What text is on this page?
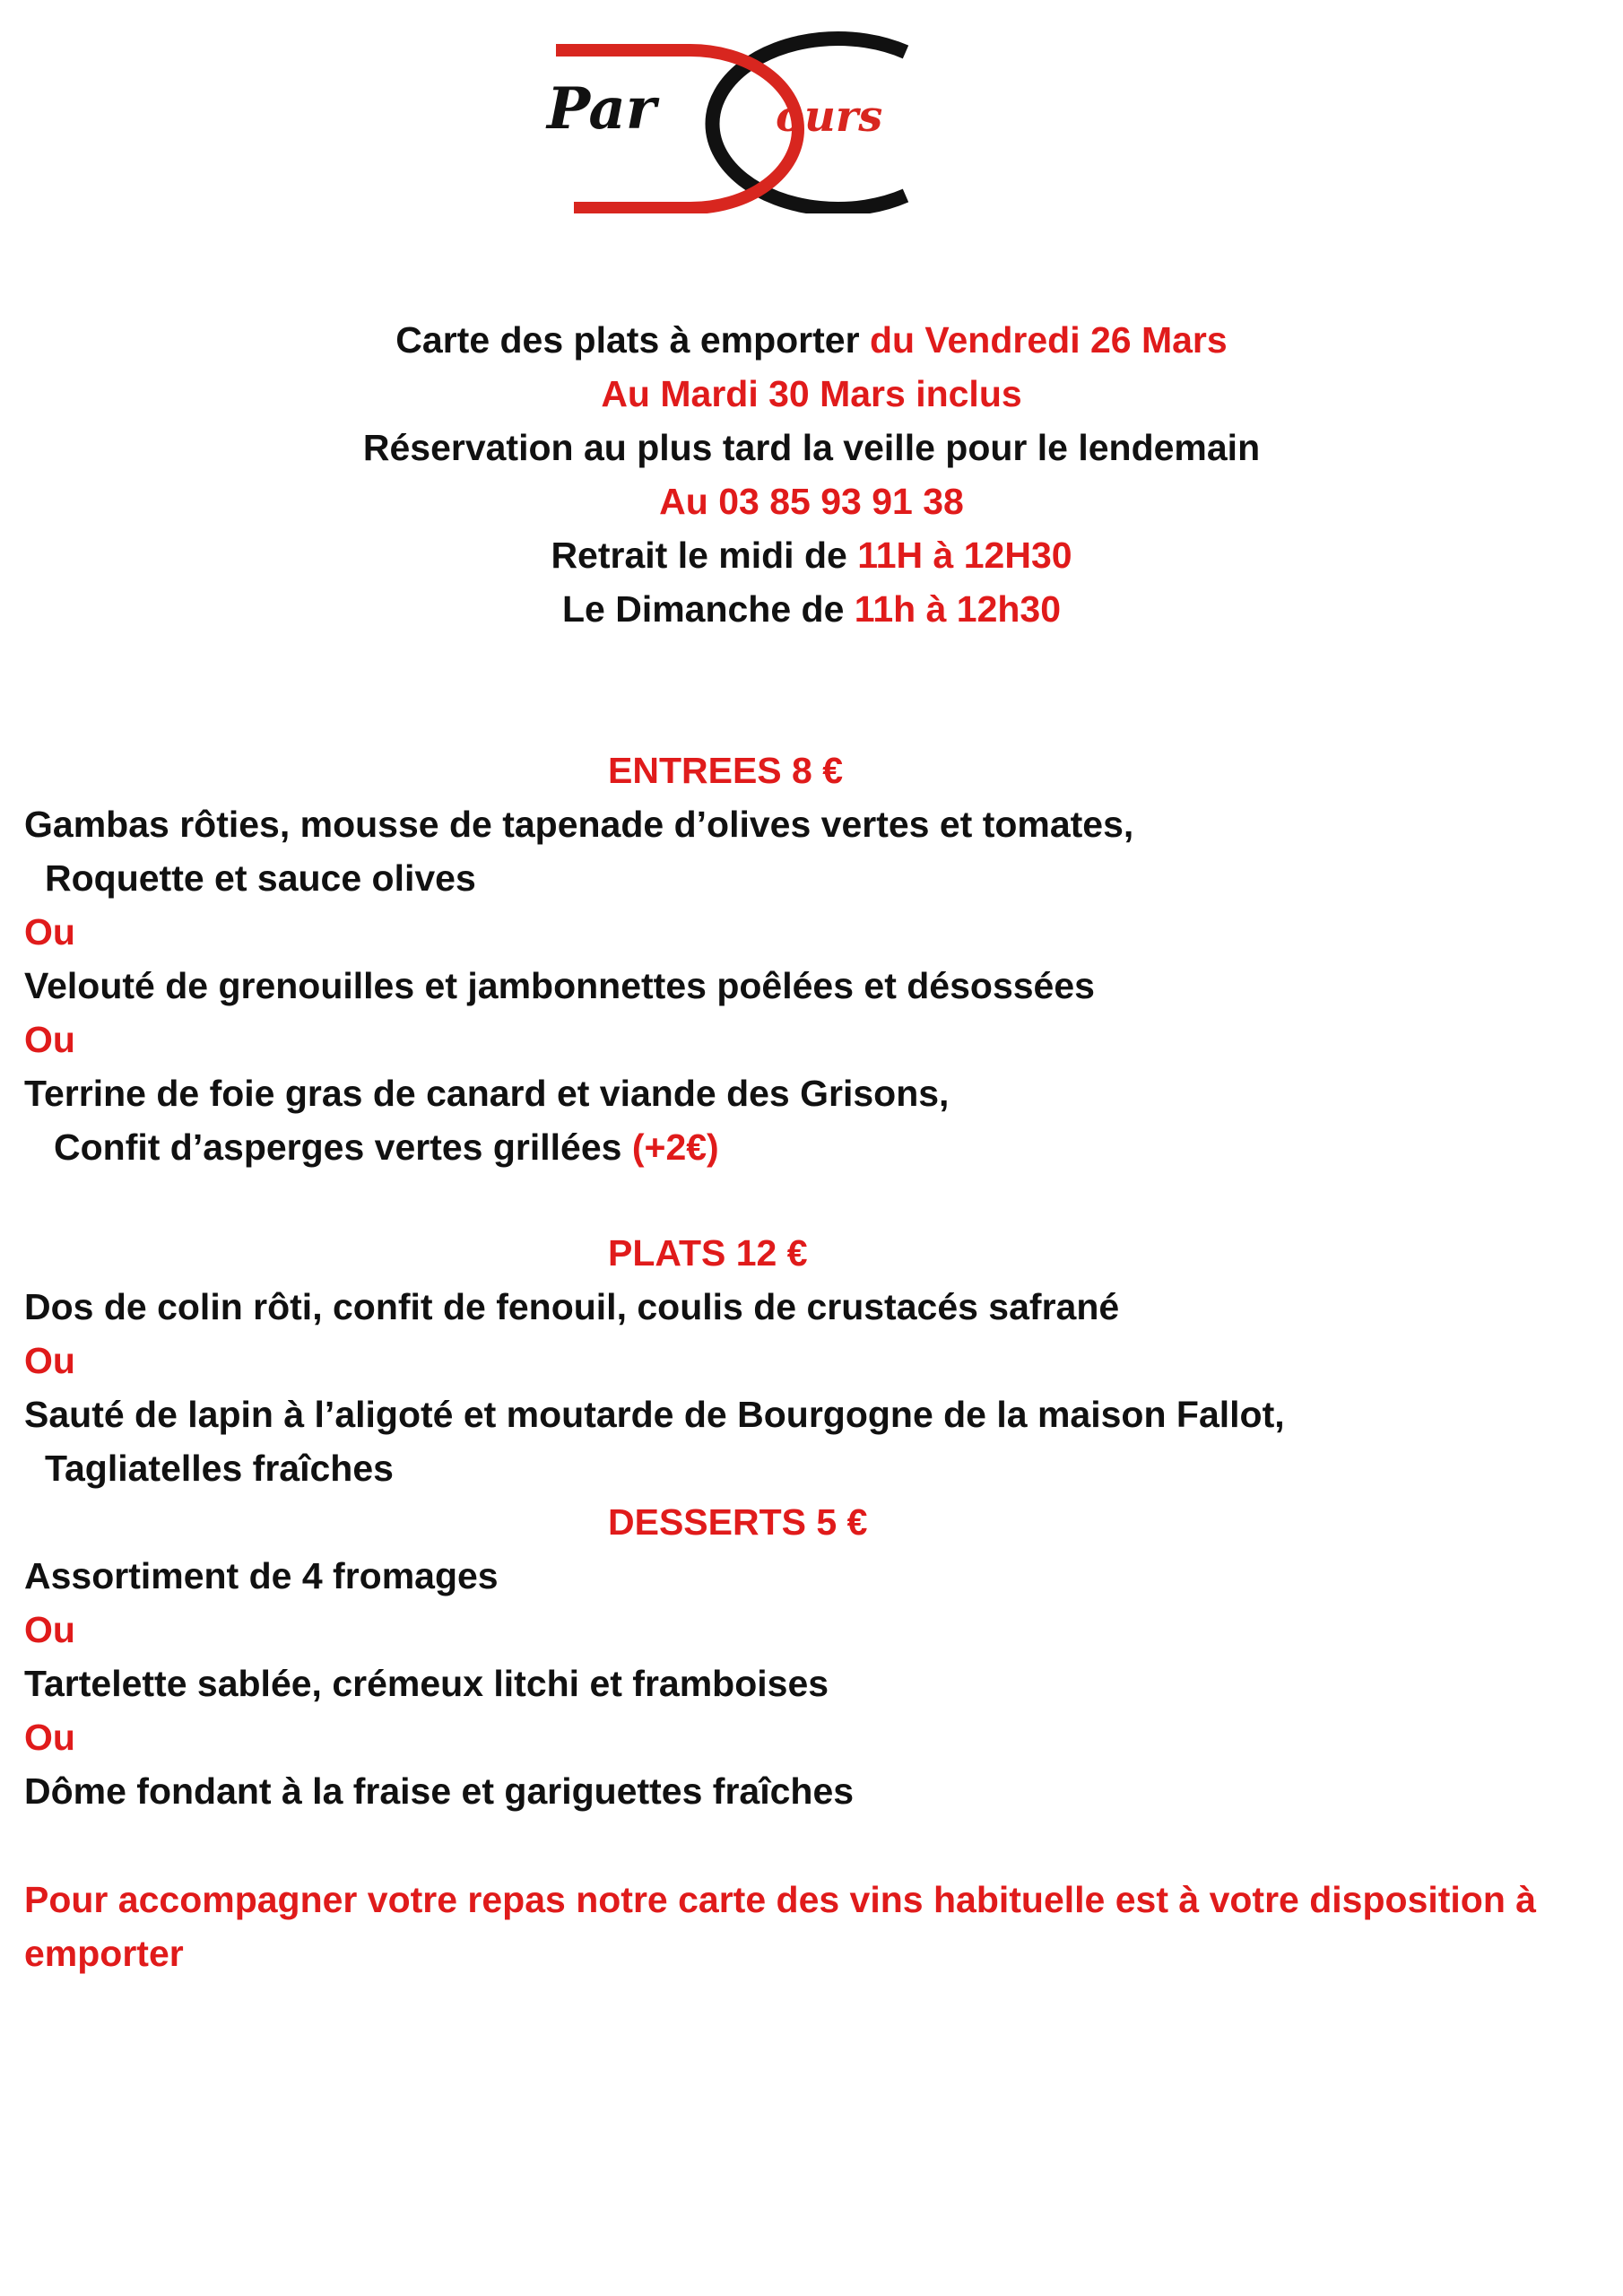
Par	ours
Carte des plats à emporter du Vendredi 26 Mars
Au Mardi 30 Mars inclus
Réservation au plus tard la veille pour le lendemain
Au 03 85 93 91 38
Retrait le midi de 11H à 12H30
Le Dimanche de 11h à 12h30
ENTREES 8 €
Gambas rôties, mousse de tapenade d’olives vertes et tomates,
Roquette et sauce olives
Ou
Velouté de grenouilles et jambonnettes poêlées et désossées
Ou
Terrine de foie gras de canard et viande des Grisons,
Confit d’asperges vertes grillées (+2€)
PLATS 12 €
Dos de colin rôti, confit de fenouil, coulis de crustacés safrané
Ou
Sauté de lapin à l’aligoté et moutarde de Bourgogne de la maison Fallot,
Tagliatelles fraîches
DESSERTS 5 €
Assortiment de 4 fromages
Ou
Tartelette sablée, crémeux litchi et framboises
Ou
Dôme fondant à la fraise et gariguettes fraîches
Pour accompagner votre repas notre carte des vins habituelle est à votre disposition à emporter
